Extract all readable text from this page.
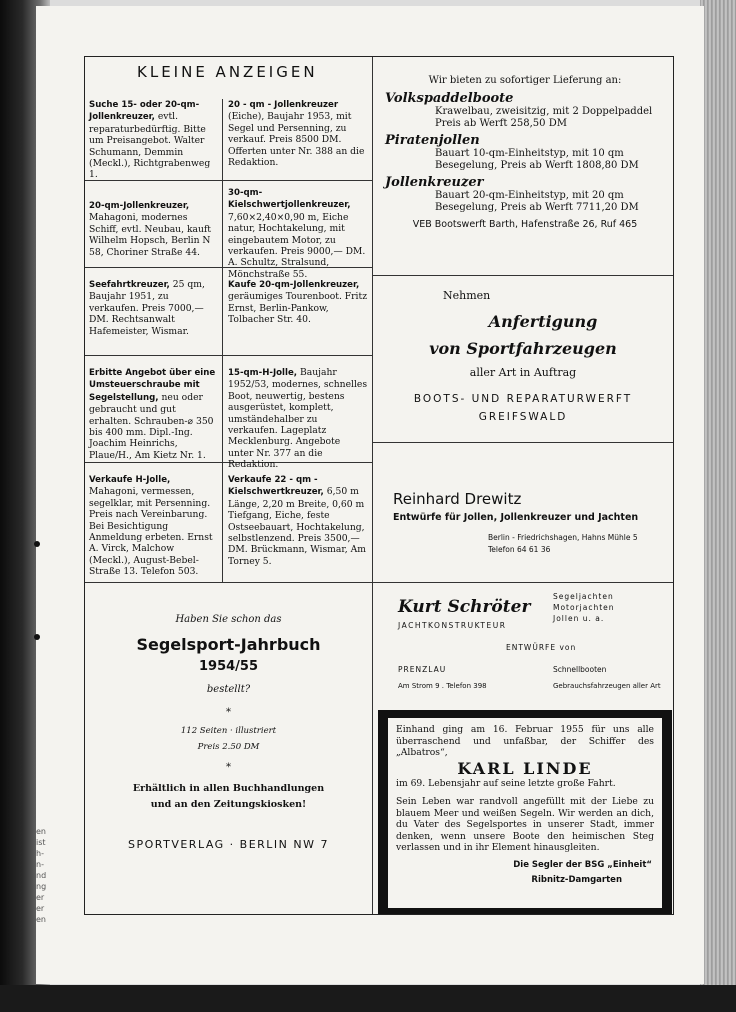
en ist h- n- nd ng er er en
KLEINE ANZEIGEN
Suche 15- oder 20-qm-Jollenkreuzer, evtl. reparaturbedürftig. Bitte um Preisangebot. Walter Schumann, Demmin (Meckl.), Richtgrabenweg 1.
20 - qm - Jollenkreuzer (Eiche), Baujahr 1953, mit Segel und Persenning, zu verkauf. Preis 8500 DM. Offerten unter Nr. 388 an die Redaktion.
20-qm-Jollenkreuzer, Mahagoni, modernes Schiff, evtl. Neubau, kauft Wilhelm Hopsch, Berlin N 58, Choriner Straße 44.
30-qm-Kielschwertjollenkreuzer, 7,60×2,40×0,90 m, Eiche natur, Hochtakelung, mit eingebautem Motor, zu verkaufen. Preis 9000,— DM. A. Schultz, Stralsund, Mönchstraße 55.
Seefahrtkreuzer, 25 qm, Baujahr 1951, zu verkaufen. Preis 7000,— DM. Rechtsanwalt Hafemeister, Wismar.
Kaufe 20-qm-Jollenkreuzer, geräumiges Tourenboot. Fritz Ernst, Berlin-Pankow, Tolbacher Str. 40.
Erbitte Angebot über eine Umsteuerschraube mit Segelstellung, neu oder gebraucht und gut erhalten. Schrauben-⌀ 350 bis 400 mm. Dipl.-Ing. Joachim Heinrichs, Plaue/H., Am Kietz Nr. 1.
15-qm-H-Jolle, Baujahr 1952/53, modernes, schnelles Boot, neuwertig, bestens ausgerüstet, komplett, umständehalber zu verkaufen. Lageplatz Mecklenburg. Angebote unter Nr. 377 an die Redaktion.
Verkaufe H-Jolle, Mahagoni, vermessen, segelklar, mit Persenning. Preis nach Vereinbarung. Bei Besichtigung Anmeldung erbeten. Ernst A. Virck, Malchow (Meckl.), August-Bebel-Straße 13. Telefon 503.
Verkaufe 22 - qm - Kielschwertkreuzer, 6,50 m Länge, 2,20 m Breite, 0,60 m Tiefgang, Eiche, feste Ostseebauart, Hochtakelung, selbstlenzend. Preis 3500,— DM. Brückmann, Wismar, Am Torney 5.
Wir bieten zu sofortiger Lieferung an:
Volkspaddelboote
Krawelbau, zweisitzig, mit 2 Doppelpaddel
Preis ab Werft 258,50 DM
Piratenjollen
Bauart 10-qm-Einheitstyp, mit 10 qm
Besegelung, Preis ab Werft 1808,80 DM
Jollenkreuzer
Bauart 20-qm-Einheitstyp, mit 20 qm
Besegelung, Preis ab Werft 7711,20 DM
VEB Bootswerft Barth, Hafenstraße 26, Ruf 465
Nehmen
Anfertigung
von Sportfahrzeugen
aller Art in Auftrag
BOOTS- UND REPARATURWERFT
GREIFSWALD
Reinhard Drewitz
Entwürfe für Jollen, Jollenkreuzer und Jachten
Berlin - Friedrichshagen, Hahns Mühle 5
Telefon 64 61 36
Haben Sie schon das
Segelsport-Jahrbuch
1954/55
bestellt?
*
112 Seiten · illustriert
Preis 2.50 DM
*
Erhältlich in allen Buchhandlungen
und an den Zeitungskiosken!
SPORTVERLAG · BERLIN NW 7
Kurt Schröter
JACHTKONSTRUKTEUR
Segeljachten
Motorjachten
Jollen u. a.
ENTWÜRFE von
PRENZLAU	Schnellbooten
Am Strom 9 . Telefon 398	Gebrauchsfahrzeugen aller Art
Einhand ging am 16. Februar 1955 für uns alle überraschend und unfaßbar, der Schiffer des „Albatros“,
KARL LINDE
im 69. Lebensjahr auf seine letzte große Fahrt.
Sein Leben war randvoll angefüllt mit der Liebe zu blauem Meer und weißen Segeln. Wir werden an dich, du Vater des Segelsportes in unserer Stadt, immer denken, wenn unsere Boote den heimischen Steg verlassen und in ihr Element hinausgleiten.
Die Segler der BSG „Einheit“
Ribnitz-Damgarten
